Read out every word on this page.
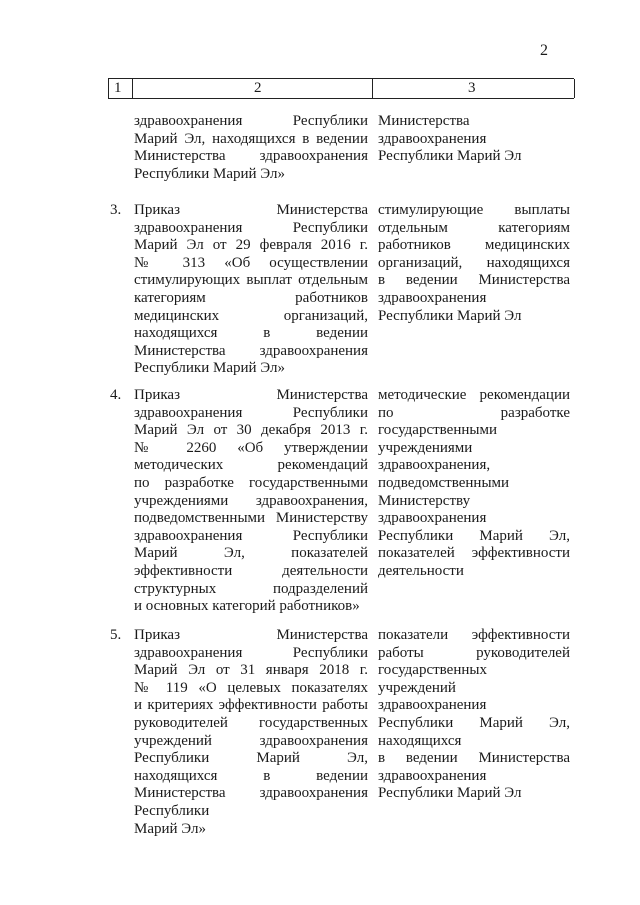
2
1	2	3
здравоохранения Республики
Марий Эл, находящихся в ведении
Министерства здравоохранения
Республики Марий Эл»
Министерства
здравоохранения
Республики Марий Эл
3. Приказ Министерства
здравоохранения Республики
Марий Эл от 29 февраля 2016 г.
№ 313 «Об осуществлении
стимулирующих выплат отдельным
категориям работников
медицинских организаций,
находящихся в ведении
Министерства здравоохранения
Республики Марий Эл»
стимулирующие выплаты
отдельным категориям
работников медицинских
организаций, находящихся
в ведении Министерства
здравоохранения
Республики Марий Эл
4. Приказ Министерства
здравоохранения Республики
Марий Эл от 30 декабря 2013 г.
№ 2260 «Об утверждении
методических рекомендаций
по разработке государственными
учреждениями здравоохранения,
подведомственными Министерству
здравоохранения Республики
Марий Эл, показателей
эффективности деятельности
структурных подразделений
и основных категорий работников»
методические рекомендации
по разработке
государственными
учреждениями
здравоохранения,
подведомственными
Министерству
здравоохранения
Республики Марий Эл,
показателей эффективности
деятельности
5. Приказ Министерства
здравоохранения Республики
Марий Эл от 31 января 2018 г.
№ 119 «О целевых показателях
и критериях эффективности работы
руководителей государственных
учреждений здравоохранения
Республики Марий Эл,
находящихся в ведении
Министерства здравоохранения
Республики
Марий Эл»
показатели эффективности
работы руководителей
государственных
учреждений
здравоохранения
Республики Марий Эл,
находящихся
в ведении Министерства
здравоохранения
Республики Марий Эл
